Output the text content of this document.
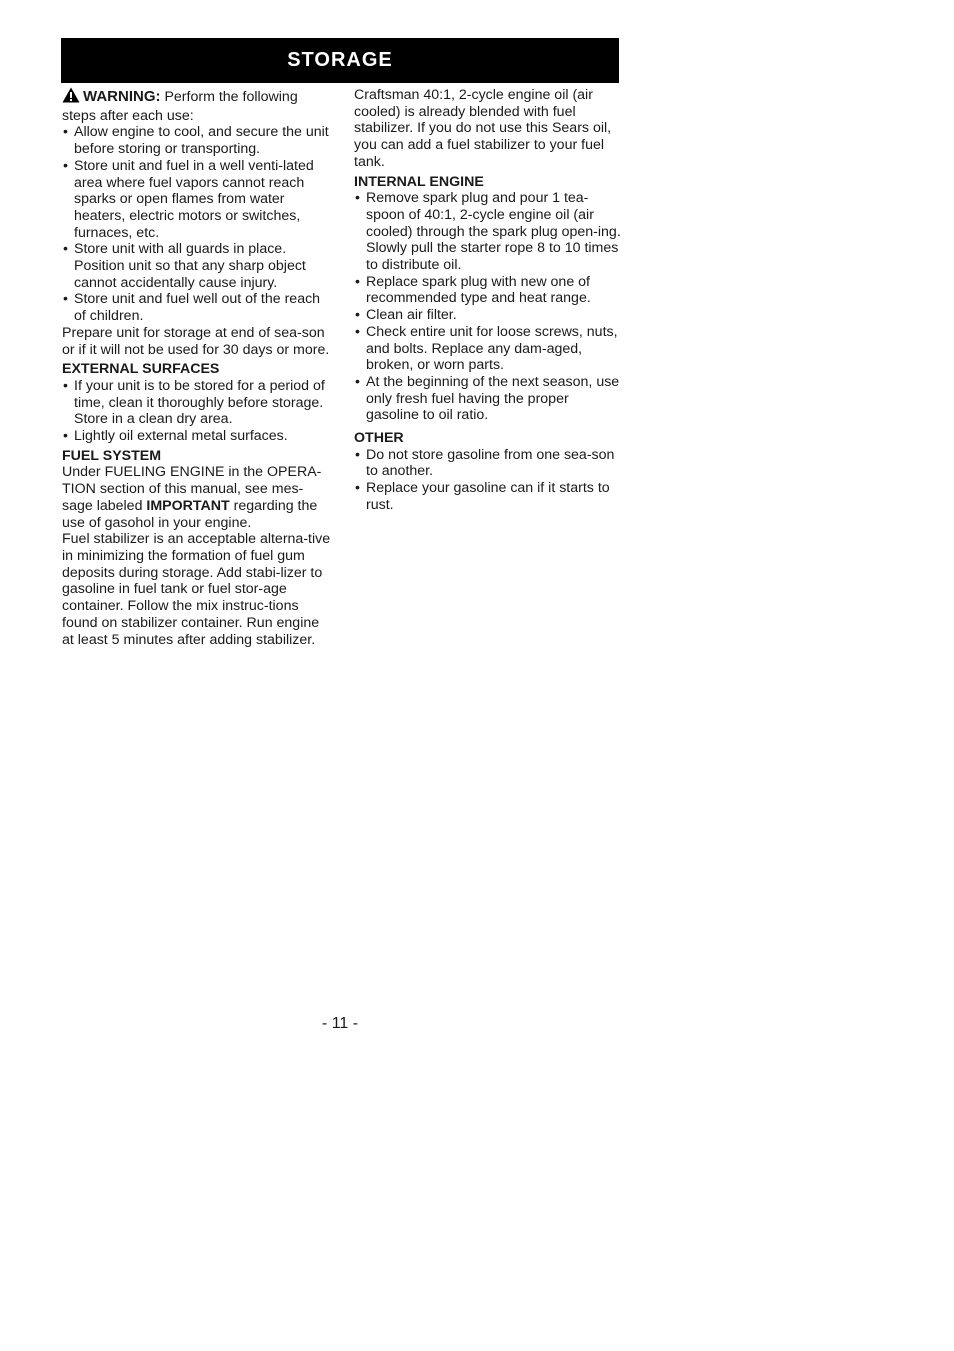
STORAGE

WARNING: Perform the following steps after each use:

• Allow engine to cool, and secure the unit before storing or transporting.
• Store unit and fuel in a well venti-lated area where fuel vapors cannot reach sparks or open flames from water heaters, electric motors or switches, furnaces, etc.
• Store unit with all guards in place. Position unit so that any sharp object cannot accidentally cause injury.
• Store unit and fuel well out of the reach of children.

Prepare unit for storage at end of sea-son or if it will not be used for 30 days or more.

EXTERNAL SURFACES
• If your unit is to be stored for a period of time, clean it thoroughly before storage. Store in a clean dry area.
• Lightly oil external metal surfaces.
FUEL SYSTEM

Under FUELING ENGINE in the OPERA-TION section of this manual, see mes-sage labeled IMPORTANT regarding the use of gasohol in your engine.

Fuel stabilizer is an acceptable alterna-tive in minimizing the formation of fuel gum deposits during storage. Add stabi-lizer to gasoline in fuel tank or fuel stor-age container. Follow the mix instruc-tions found on stabilizer container. Run engine at least 5 minutes after adding stabilizer.

Craftsman 40:1, 2-cycle engine oil (air cooled) is already blended with fuel stabilizer. If you do not use this Sears oil, you can add a fuel stabilizer to your fuel tank.

INTERNAL ENGINE
• Remove spark plug and pour 1 tea-spoon of 40:1, 2-cycle engine oil (air cooled) through the spark plug open-ing. Slowly pull the starter rope 8 to 10 times to distribute oil.
• Replace spark plug with new one of recommended type and heat range.
• Clean air filter.
• Check entire unit for loose screws, nuts, and bolts. Replace any dam-aged, broken, or worn parts.
• At the beginning of the next season, use only fresh fuel having the proper gasoline to oil ratio.
OTHER
• Do not store gasoline from one sea-son to another.
• Replace your gasoline can if it starts to rust.
- 11 -
